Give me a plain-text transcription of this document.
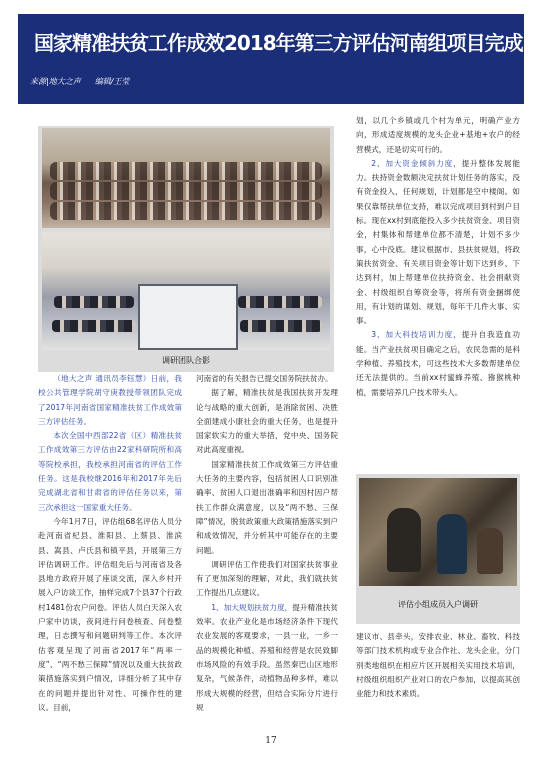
国家精准扶贫工作成效2018年第三方评估河南组项目完成
来源|地大之声 编辑/王莹
调研团队合影
评估小组成员入户调研

（地大之声 通讯员李钰慧）日前，我校公共管理学院胡守庚教授带领团队完成了2017年河南省国家精准扶贫工作成效第三方评估任务。

本次全国中西部22省（区）精准扶贫工作成效第三方评估由22家科研院所和高等院校承担，我校承担河南省的评估工作任务。这是我校继2016年和2017年先后完成湖北省和甘肃省的评估任务以来，第三次承担这一国家重大任务。

今年1月7日，评估组68名评估人员分赴河南省杞县、淮阳县、上蔡县、淮滨县、嵩县、卢氏县和镇平县，开展第三方评估调研工作。评估组先后与河南省及各县地方政府开展了座谈交流，深入乡村开展入户访谈工作，抽样完成7个县37个行政村1481份农户问卷。评估人员白天深入农户家中访谈，夜间进行问卷核查、问卷整理，日志撰写和问题研判等工作。本次评估客观呈现了河南省2017年“两率一度”、“两不愁三保障”情况以及重大扶贫政策措施落实到户情况，详细分析了其中存在的问题并提出针对性、可操作性的建议。目前，

河南省的有关报告已提交国务院扶贫办。

据了解，精准扶贫是我国扶贫开发理论与战略的重大创新，是消除贫困、决胜全面建成小康社会的重大任务，也是提升国家软实力的重大举措，党中央、国务院对此高度重视。

国家精准扶贫工作成效第三方评估重大任务的主要内容，包括贫困人口识别准确率、贫困人口退出准确率和因村因户帮扶工作群众满意度，以及“两不愁、三保障”情况，脱贫政策重大政策措施落实到户和成效情况，并分析其中可能存在的主要问题。

调研评估工作使我们对国家扶贫事业有了更加深刻的理解，对此，我们就扶贫工作提出几点建议。

1、加大规划扶贫力度，提升精准扶贫效率。农业产业化是市场经济条件下现代农业发展的客观要求，一县一业，一乡一品的规模化种植、养殖和经营是农民致脚市场风险的有效手段。虽然秦巴山区地形复杂，气候条件，动植物品种多样，难以形成大规模的经营，但结合实际分片进行规

划，以几个乡镇或几个村为单元，明确产业方向，形成适度规模的龙头企业+基地+农户的经营模式，还是切实可行的。

2、加大资金倾斜力度，提升整体发展能力。扶持资金数额决定扶贫计划任务的落实，没有资金投入，任何规划，计划都是空中楼阁。如果仅靠帮扶单位支持，难以完成项目到村到户目标。现在xx村到底能投入多少扶贫资金、项目资金，村集体和帮建单位都不清楚，计划不多少事，心中没底。建议根据市、县扶贫规划，将政策扶贫资金、有关项目资金等计划下达到乡、下达到村，加上帮建单位扶持资金、社会捐献资金、村级组织自筹资金等，将所有资金捆绑使用，有计划的谋划、规划，每年干几件大事、实事。

3、加大科技培训力度，提升自我造血功能。当产业扶贫项目确定之后，农民急需的是科学种植、养殖技术，可这些技术大多数帮建单位还无法提供的。当前xx村蜜蜂养殖、猕猴桃种植，需要培养几户技术带头人。

建议市、县牵头，安排农业、林业、畜牧、科技等部门技术机构或专业合作社、龙头企业，分门别类地组织在相应片区开展相关实用技术培训，村级组织组织产业对口的农户参加，以提高其创业能力和技术素质。

17
